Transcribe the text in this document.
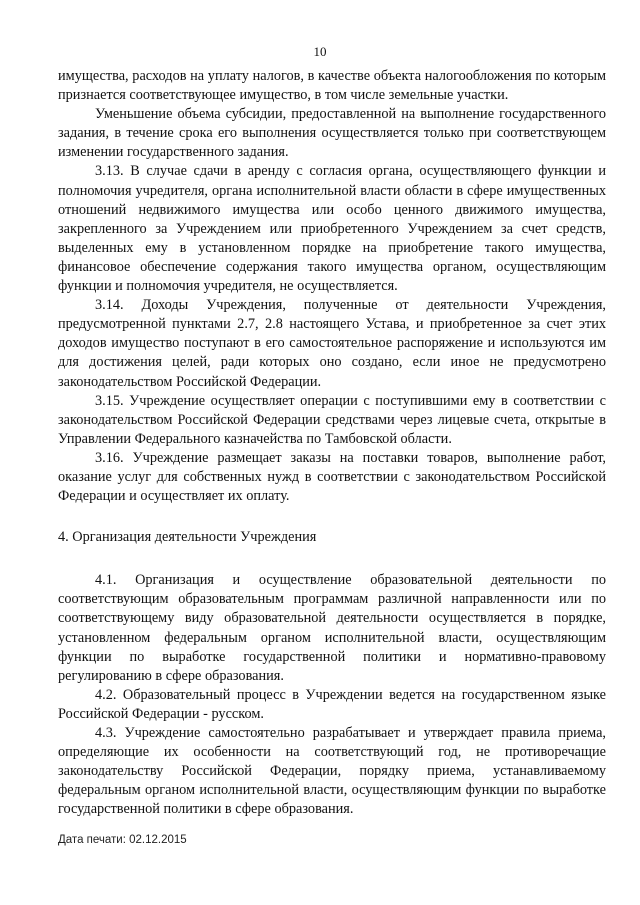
10

имущества, расходов на уплату налогов, в качестве объекта налогообложения по которым признается соответствующее имущество, в том числе земельные участки.

Уменьшение объема субсидии, предоставленной на выполнение государственного задания, в течение срока его выполнения осуществляется только при соответствующем изменении государственного задания.

3.13. В случае сдачи в аренду с согласия органа, осуществляющего функции и полномочия учредителя, органа исполнительной власти области в сфере имущественных отношений недвижимого имущества или особо ценного движимого имущества, закрепленного за Учреждением или приобретенного Учреждением за счет средств, выделенных ему в установленном порядке на приобретение такого имущества, финансовое обеспечение содержания такого имущества органом, осуществляющим функции и полномочия учредителя, не осуществляется.

3.14. Доходы Учреждения, полученные от деятельности Учреждения, предусмотренной пунктами 2.7, 2.8 настоящего Устава, и приобретенное за счет этих доходов имущество поступают в его самостоятельное распоряжение и используются им для достижения целей, ради которых оно создано, если иное не предусмотрено законодательством Российской Федерации.

3.15. Учреждение осуществляет операции с поступившими ему в соответствии с законодательством Российской Федерации средствами через лицевые счета, открытые в Управлении Федерального казначейства по Тамбовской области.

3.16. Учреждение размещает заказы на поставки товаров, выполнение работ, оказание услуг для собственных нужд в соответствии с законодательством Российской Федерации и осуществляет их оплату.

4. Организация деятельности Учреждения

4.1. Организация и осуществление образовательной деятельности по соответствующим образовательным программам различной направленности или по соответствующему виду образовательной деятельности осуществляется в порядке, установленном федеральным органом исполнительной власти, осуществляющим функции по выработке государственной политики и нормативно-правовому регулированию в сфере образования.

4.2. Образовательный процесс в Учреждении ведется на государственном языке Российской Федерации - русском.

4.3. Учреждение самостоятельно разрабатывает и утверждает правила приема, определяющие их особенности на соответствующий год, не противоречащие законодательству Российской Федерации, порядку приема, устанавливаемому федеральным органом исполнительной власти, осуществляющим функции по выработке государственной политики в сфере образования.

Дата печати: 02.12.2015
